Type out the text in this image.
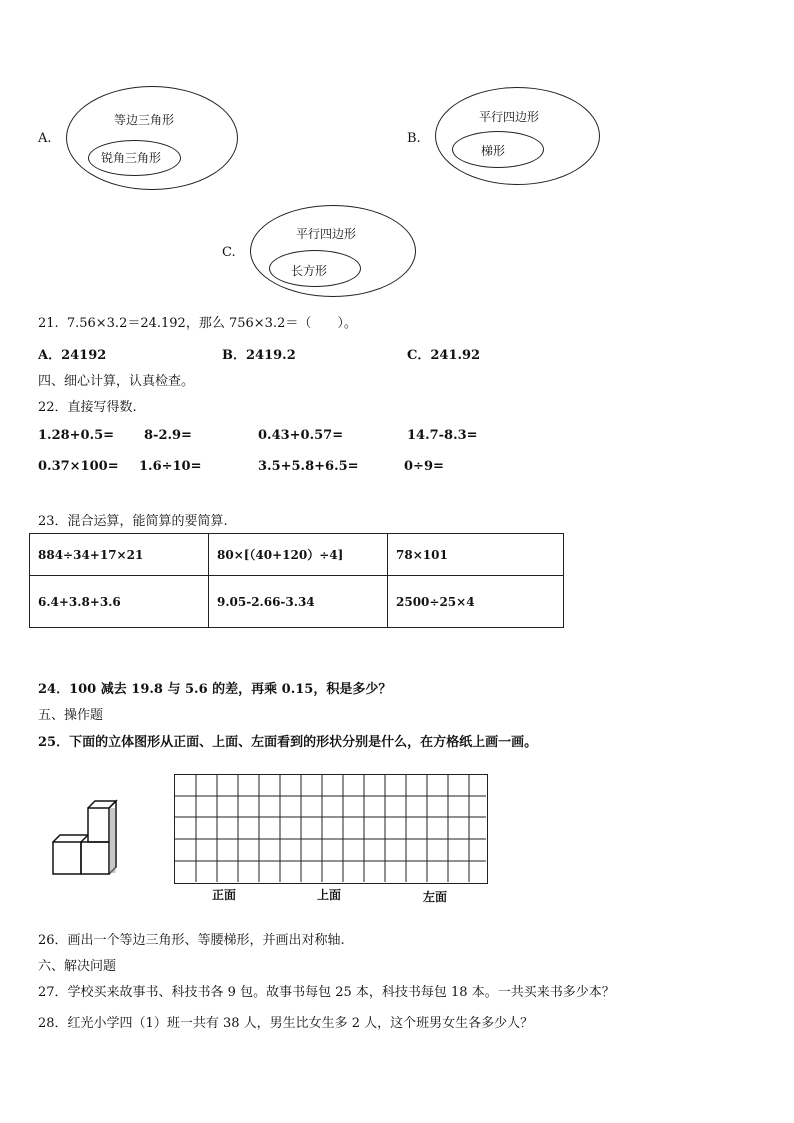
A.
等边三角形
锐角三角形
B.
平行四边形
梯形
C.
平行四边形
长方形
21. 7.56×3.2＝24.192，那么 756×3.2＝（　　）。
A．24192	B．2419.2	C．241.92
四、细心计算，认真检查。
22．直接写得数.
1.28+0.5= 8-2.9=	0.43+0.57=	14.7-8.3=
0.37×100= 1.6÷10=	3.5+5.8+6.5=	0÷9=
23．混合运算，能简算的要简算.
884÷34+17×21	80×[（40+120）÷4]	78×101
6.4+3.8+3.6	9.05-2.66-3.34	2500÷25×4
24．100 减去 19.8 与 5.6 的差，再乘 0.15，积是多少？
五、操作题
25．下面的立体图形从正面、上面、左面看到的形状分别是什么，在方格纸上画一画。
正面	上面	左面
26．画出一个等边三角形、等腰梯形，并画出对称轴.
六、解决问题
27．学校买来故事书、科技书各 9 包。故事书每包 25 本，科技书每包 18 本。一共买来书多少本？
28．红光小学四（1）班一共有 38 人，男生比女生多 2 人，这个班男女生各多少人？
